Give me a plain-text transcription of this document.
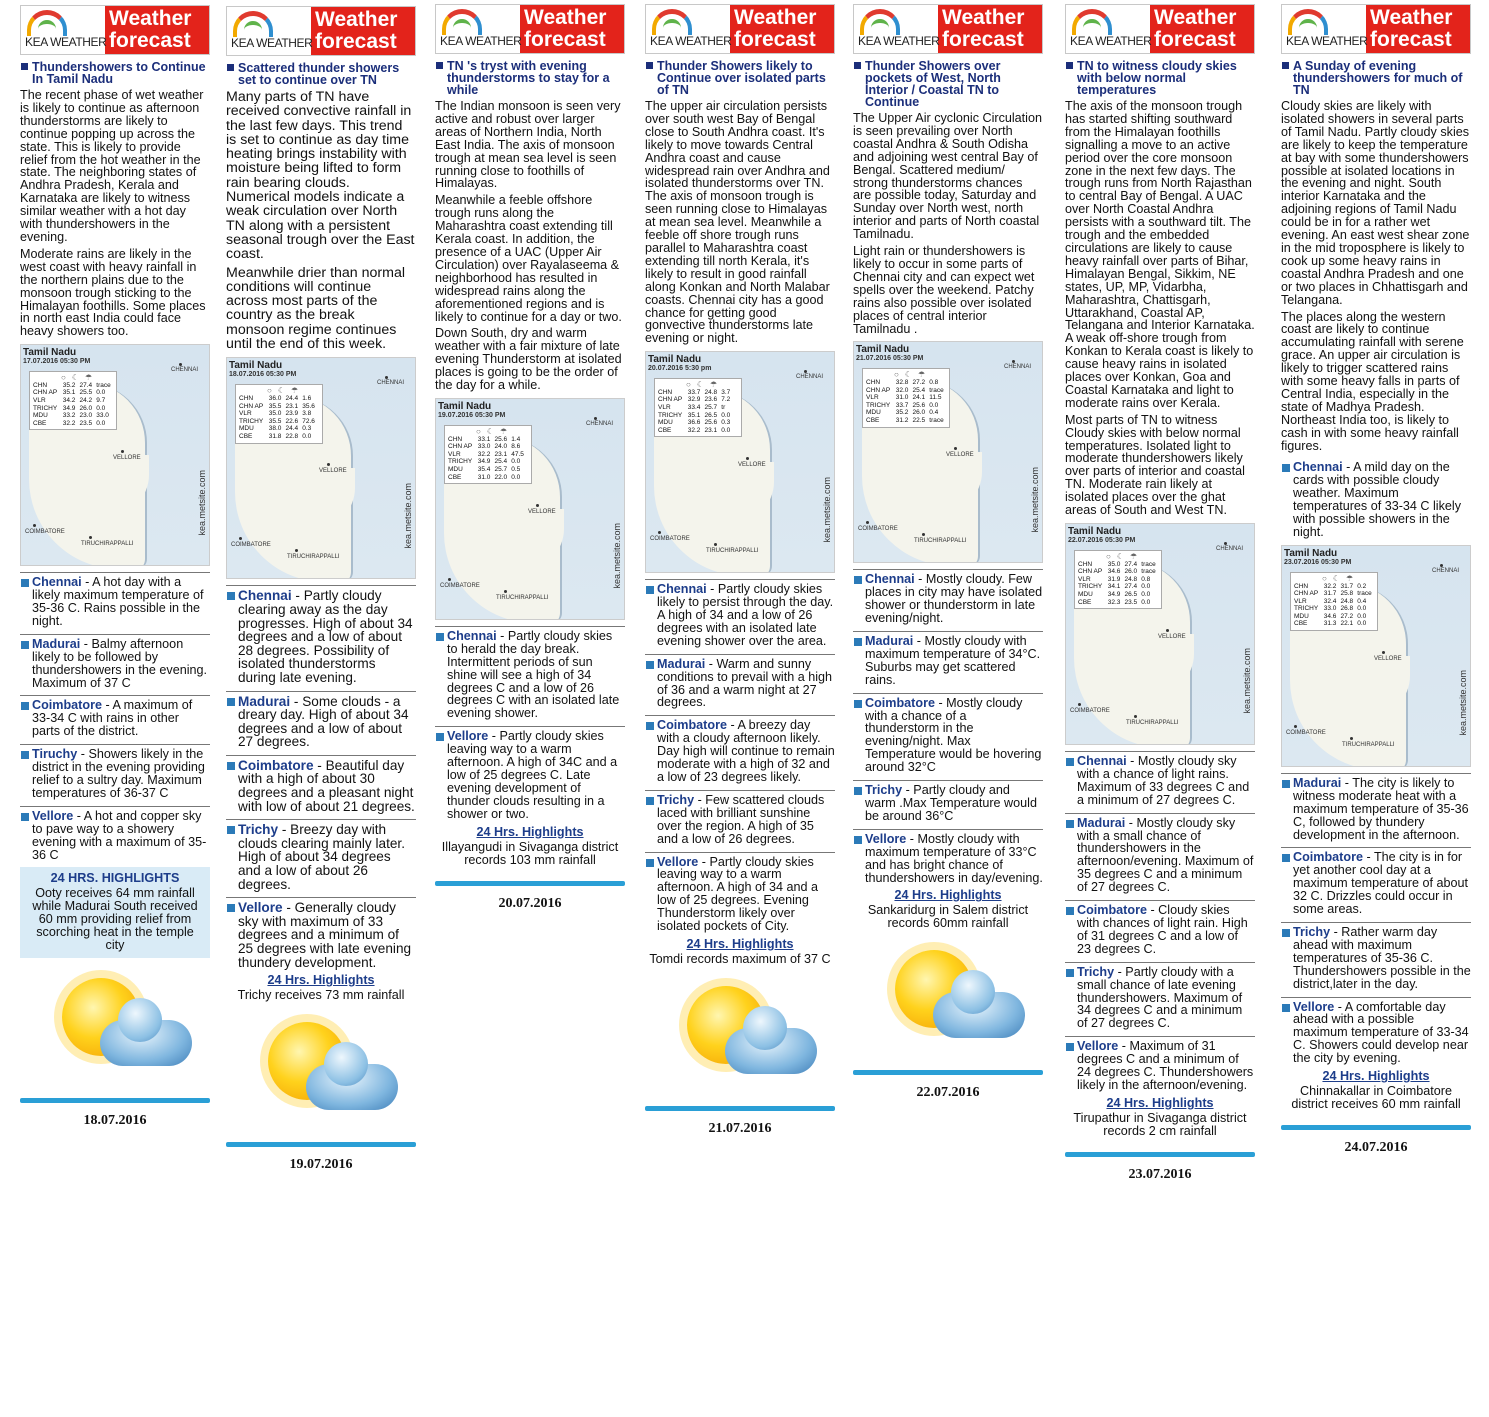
KEA WEATHER
Weather
forecast
Thundershowers to Continue In Tamil Nadu
The recent phase of wet weather is likely to continue as afternoon thunderstorms are likely to continue popping up across the state. This is likely to provide relief from the hot weather in the state. The neighboring states of Andhra Pradesh, Kerala and Karnataka are likely to witness similar weather with a hot day with thundershowers in the evening.
Moderate rains are likely in the west coast with heavy rainfall in the northern plains due to the monsoon trough sticking to the Himalayan foothills. Some places in north east India could face heavy showers too.
Tamil Nadu
17.07.2016 05:30 PM
○☾☂
CHN	35.2 27.4 trace
CHN AP 35.1 25.5 0.0
VLR	34.2 24.2 9.7
TRICHY 34.9 26.0 0.0
MDU	33.2 23.0 33.0
CBE	32.2 23.5 0.0
VELLORE
COIMBATORE
TIRUCHIRAPPALLI
CHENNAI
kea.metsite.com
Chennai - A hot day with a likely maximum temperature of 35-36 C. Rains possible in the night.
Madurai - Balmy afternoon likely to be followed by thundershowers in the evening. Maximum of 37 C
Coimbatore - A maximum of 33-34 C with rains in other parts of the district.
Tiruchy - Showers likely in the district in the evening providing relief to a sultry day. Maximum temperatures of 36-37 C
Vellore - A hot and copper sky to pave way to a showery evening with a maximum of 35-36 C
24 HRS. HIGHLIGHTS
Ooty receives 64 mm rainfall while Madurai South received 60 mm providing relief from scorching heat in the temple city
18.07.2016
KEA WEATHER
Weather
forecast
Scattered thunder showers set to continue over TN
Many parts of TN have received convective rainfall in the last few days. This trend is set to continue as day time heating brings instability with moisture being lifted to form rain bearing clouds. Numerical models indicate a weak circulation over North TN along with a persistent seasonal trough over the East coast.
Meanwhile drier than normal conditions will continue across most parts of the country as the break monsoon regime continues until the end of this week.
Tamil Nadu
18.07.2016 05:30 PM
○☾☂
CHN	36.0 24.4 1.6
CHN AP 35.5 23.1 35.6
VLR	35.0 23.9 3.8
TRICHY 35.5 22.6 72.6
MDU	38.0 24.4 0.3
CBE	31.8 22.8 0.0
VELLORE
COIMBATORE
TIRUCHIRAPPALLI
CHENNAI
kea.metsite.com
Chennai - Partly cloudy clearing away as the day progresses. High of about 34 degrees and a low of about 28 degrees. Possibility of isolated thunderstorms during late evening.
Madurai - Some clouds - a dreary day. High of about 34 degrees and a low of about 27 degrees.
Coimbatore - Beautiful day with a high of about 30 degrees and a pleasant night with low of about 21 degrees.
Trichy - Breezy day with clouds clearing mainly later. High of about 34 degrees and a low of about 26 degrees.
Vellore - Generally cloudy sky with maximum of 33 degrees and a minimum of 25 degrees with late evening thundery development.
24 Hrs. Highlights
Trichy receives 73 mm rainfall
19.07.2016
KEA WEATHER
Weather
forecast
TN 's tryst with evening thunderstorms to stay for a while
The Indian monsoon is seen very active and robust over larger areas of Northern India, North East India. The axis of monsoon trough at mean sea level is seen running close to foothills of Himalayas.
Meanwhile a feeble offshore trough runs along the Maharashtra coast extending till Kerala coast. In addition, the presence of a UAC (Upper Air Circulation) over Rayalaseema & neighborhood has resulted in widespread rains along the aforementioned regions and is likely to continue for a day or two.
Down South, dry and warm weather with a fair mixture of late evening Thunderstorm at isolated places is going to be the order of the day for a while.
Tamil Nadu
19.07.2016 05:30 PM
○☾☂
CHN	33.1 25.6 1.4
CHN AP 33.0 24.0 8.6
VLR	32.2 23.1 47.5
TRICHY 34.9 25.4 0.0
MDU	35.4 25.7 0.5
CBE	31.0 22.0 0.0
VELLORE
COIMBATORE
TIRUCHIRAPPALLI
CHENNAI
kea.metsite.com
Chennai - Partly cloudy skies to herald the day break. Intermittent periods of sun shine will see a high of 34 degrees C and a low of 26 degrees C with an isolated late evening shower.
Vellore - Partly cloudy skies leaving way to a warm afternoon. A high of 34C and a low of 25 degrees C. Late evening development of thunder clouds resulting in a shower or two.
24 Hrs. Highlights
Illayangudi in Sivaganga district records 103 mm rainfall
20.07.2016
KEA WEATHER
Weather
forecast
Thunder Showers likely to Continue over isolated parts of TN
The upper air circulation persists over south west Bay of Bengal close to South Andhra coast. It's likely to move towards Central Andhra coast and cause widespread rain over Andhra and isolated thunderstorms over TN. The axis of monsoon trough is seen running close to Himalayas at mean sea level. Meanwhile a feeble off shore trough runs parallel to Maharashtra coast extending till north Kerala, it's likely to result in good rainfall along Konkan and North Malabar coasts. Chennai city has a good chance for getting good gonvective thunderstorms late evening or night.
Tamil Nadu
20.07.2016 5:30 pm
○☾☂
CHN	33.7 24.8 3.7
CHN AP 32.9 23.6 7.2
VLR	33.4 25.7 tr
TRICHY 35.1 26.5 0.0
MDU	36.6 25.6 0.3
CBE	32.2 23.1 0.0
VELLORE
COIMBATORE
TIRUCHIRAPPALLI
CHENNAI
kea.metsite.com
Chennai - Partly cloudy skies likely to persist through the day. A high of 34 and a low of 26 degrees with an isolated late evening shower over the area.
Madurai - Warm and sunny conditions to prevail with a high of 36 and a warm night at 27 degrees.
Coimbatore - A breezy day with a cloudy afternoon likely. Day high will continue to remain moderate with a high of 32 and a low of 23 degrees likely.
Trichy - Few scattered clouds laced with brilliant sunshine over the region. A high of 35 and a low of 26 degrees.
Vellore - Partly cloudy skies leaving way to a warm afternoon. A high of 34 and a low of 25 degrees. Evening Thunderstorm likely over isolated pockets of City.
24 Hrs. Highlights
Tomdi records maximum of 37 C
21.07.2016
KEA WEATHER
Weather
forecast
Thunder Showers over pockets of West, North Interior / Coastal TN to Continue
The Upper Air cyclonic Circulation is seen prevailing over North coastal Andhra & South Odisha and adjoining west central Bay of Bengal. Scattered medium/ strong thunderstorms chances are possible today, Saturday and Sunday over North west, north interior and parts of North coastal Tamilnadu.
Light rain or thundershowers is likely to occur in some parts of Chennai city and can expect wet spells over the weekend. Patchy rains also possible over isolated places of central interior Tamilnadu .
Tamil Nadu
21.07.2016 05:30 PM
○☾☂
CHN	32.8 27.2 0.8
CHN AP 32.0 25.4 trace
VLR	31.0 24.1 11.5
TRICHY 33.7 25.6 0.0
MDU	35.2 26.0 0.4
CBE	31.2 22.5 trace
VELLORE
COIMBATORE
TIRUCHIRAPPALLI
CHENNAI
kea.metsite.com
Chennai - Mostly cloudy. Few places in city may have isolated shower or thunderstorm in late evening/night.
Madurai - Mostly cloudy with maximum temperature of 34°C. Suburbs may get scattered rains.
Coimbatore - Mostly cloudy with a chance of a thunderstorm in the evening/night. Max Temperature would be hovering around 32°C
Trichy - Partly cloudy and warm .Max Temperature would be around 36°C
Vellore - Mostly cloudy with maximum temperature of 33°C and has bright chance of thundershowers in day/evening.
24 Hrs. Highlights
Sankaridurg in Salem district records 60mm rainfall
22.07.2016
KEA WEATHER
Weather
forecast
TN to witness cloudy skies with below normal temperatures
The axis of the monsoon trough has started shifting southward from the Himalayan foothills signalling a move to an active period over the core monsoon zone in the next few days. The trough runs from North Rajasthan to central Bay of Bengal. A UAC over North Coastal Andhra persists with a southward tilt. The trough and the embedded circulations are likely to cause heavy rainfall over parts of Bihar, Himalayan Bengal, Sikkim, NE states, UP, MP, Vidarbha, Maharashtra, Chattisgarh, Uttarakhand, Coastal AP, Telangana and Interior Karnataka. A weak off-shore trough from Konkan to Kerala coast is likely to cause heavy rains in isolated places over Konkan, Goa and Coastal Karnataka and light to moderate rains over Kerala.
Most parts of TN to witness Cloudy skies with below normal temperatures. Isolated light to moderate thundershowers likely over parts of interior and coastal TN. Moderate rain likely at isolated places over the ghat areas of South and West TN.
Tamil Nadu
22.07.2016 05:30 PM
○☾☂
CHN	35.0 27.4 trace
CHN AP 34.6 26.0 trace
VLR	31.9 24.8 0.8
TRICHY 34.1 27.4 0.0
MDU	34.9 26.5 0.0
CBE	32.3 23.5 0.0
VELLORE
COIMBATORE
TIRUCHIRAPPALLI
CHENNAI
kea.metsite.com
Chennai - Mostly cloudy sky with a chance of light rains. Maximum of 33 degrees C and a minimum of 27 degrees C.
Madurai - Mostly cloudy sky with a small chance of thundershowers in the afternoon/evening. Maximum of 35 degrees C and a minimum of 27 degrees C.
Coimbatore - Cloudy skies with chances of light rain. High of 31 degrees C and a low of 23 degrees C.
Trichy - Partly cloudy with a small chance of late evening thundershowers. Maximum of 34 degrees C and a minimum of 27 degrees C.
Vellore - Maximum of 31 degrees C and a minimum of 24 degrees C. Thundershowers likely in the afternoon/evening.
24 Hrs. Highlights
Tirupathur in Sivaganga district records 2 cm rainfall
23.07.2016
KEA WEATHER
Weather
forecast
A Sunday of evening thundershowers for much of TN
Cloudy skies are likely with isolated showers in several parts of Tamil Nadu. Partly cloudy skies are likely to keep the temperature at bay with some thundershowers possible at isolated locations in the evening and night. South interior Karnataka and the adjoining regions of Tamil Nadu could be in for a rather wet evening. An east west shear zone in the mid troposphere is likely to cook up some heavy rains in coastal Andhra Pradesh and one or two places in Chhattisgarh and Telangana.
The places along the western coast are likely to continue accumulating rainfall with serene grace. An upper air circulation is likely to trigger scattered rains with some heavy falls in parts of Central India, especially in the state of Madhya Pradesh. Northeast India too, is likely to cash in with some heavy rainfall figures.
Chennai - A mild day on the cards with possible cloudy weather. Maximum temperatures of 33-34 C likely with possible showers in the night.
Tamil Nadu
23.07.2016 05:30 PM
○☾☂
CHN	32.2 31.7 0.2
CHN AP 31.7 25.8 trace
VLR	32.4 24.8 0.4
TRICHY 33.0 26.8 0.0
MDU	34.6 27.2 0.0
CBE	31.3 22.1 0.0
VELLORE
COIMBATORE
TIRUCHIRAPPALLI
CHENNAI
kea.metsite.com
Madurai - The city is likely to witness moderate heat with a maximum temperature of 35-36 C, followed by thundery development in the afternoon.
Coimbatore - The city is in for yet another cool day at a maximum temperature of about 32 C. Drizzles could occur in some areas.
Trichy - Rather warm day ahead with maximum temperatures of 35-36 C. Thundershowers possible in the district,later in the day.
Vellore - A comfortable day ahead with a possible maximum temperature of 33-34 C. Showers could develop near the city by evening.
24 Hrs. Highlights
Chinnakallar in Coimbatore district receives 60 mm rainfall
24.07.2016
